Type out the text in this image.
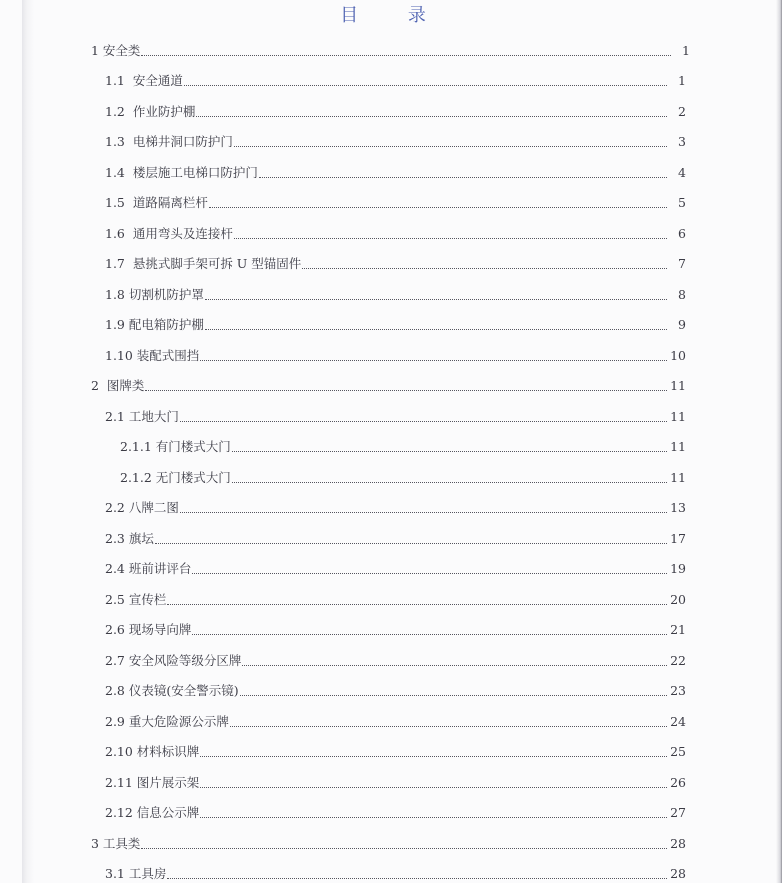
目 录
1 安全类	1
1.1  安全通道	1
1.2  作业防护棚	2
1.3  电梯井洞口防护门	3
1.4  楼层施工电梯口防护门	4
1.5  道路隔离栏杆	5
1.6  通用弯头及连接杆	6
1.7  悬挑式脚手架可拆 U 型锚固件	7
1.8 切割机防护罩	8
1.9 配电箱防护棚	9
1.10 装配式围挡	10
2  图牌类	11
2.1 工地大门	11
2.1.1 有门楼式大门	11
2.1.2 无门楼式大门	11
2.2 八牌二图	13
2.3 旗坛	17
2.4 班前讲评台	19
2.5 宣传栏	20
2.6 现场导向牌	21
2.7 安全风险等级分区牌	22
2.8 仪表镜(安全警示镜)	23
2.9 重大危险源公示牌	24
2.10 材料标识牌	25
2.11 图片展示架	26
2.12 信息公示牌	27
3 工具类	28
3.1 工具房	28
